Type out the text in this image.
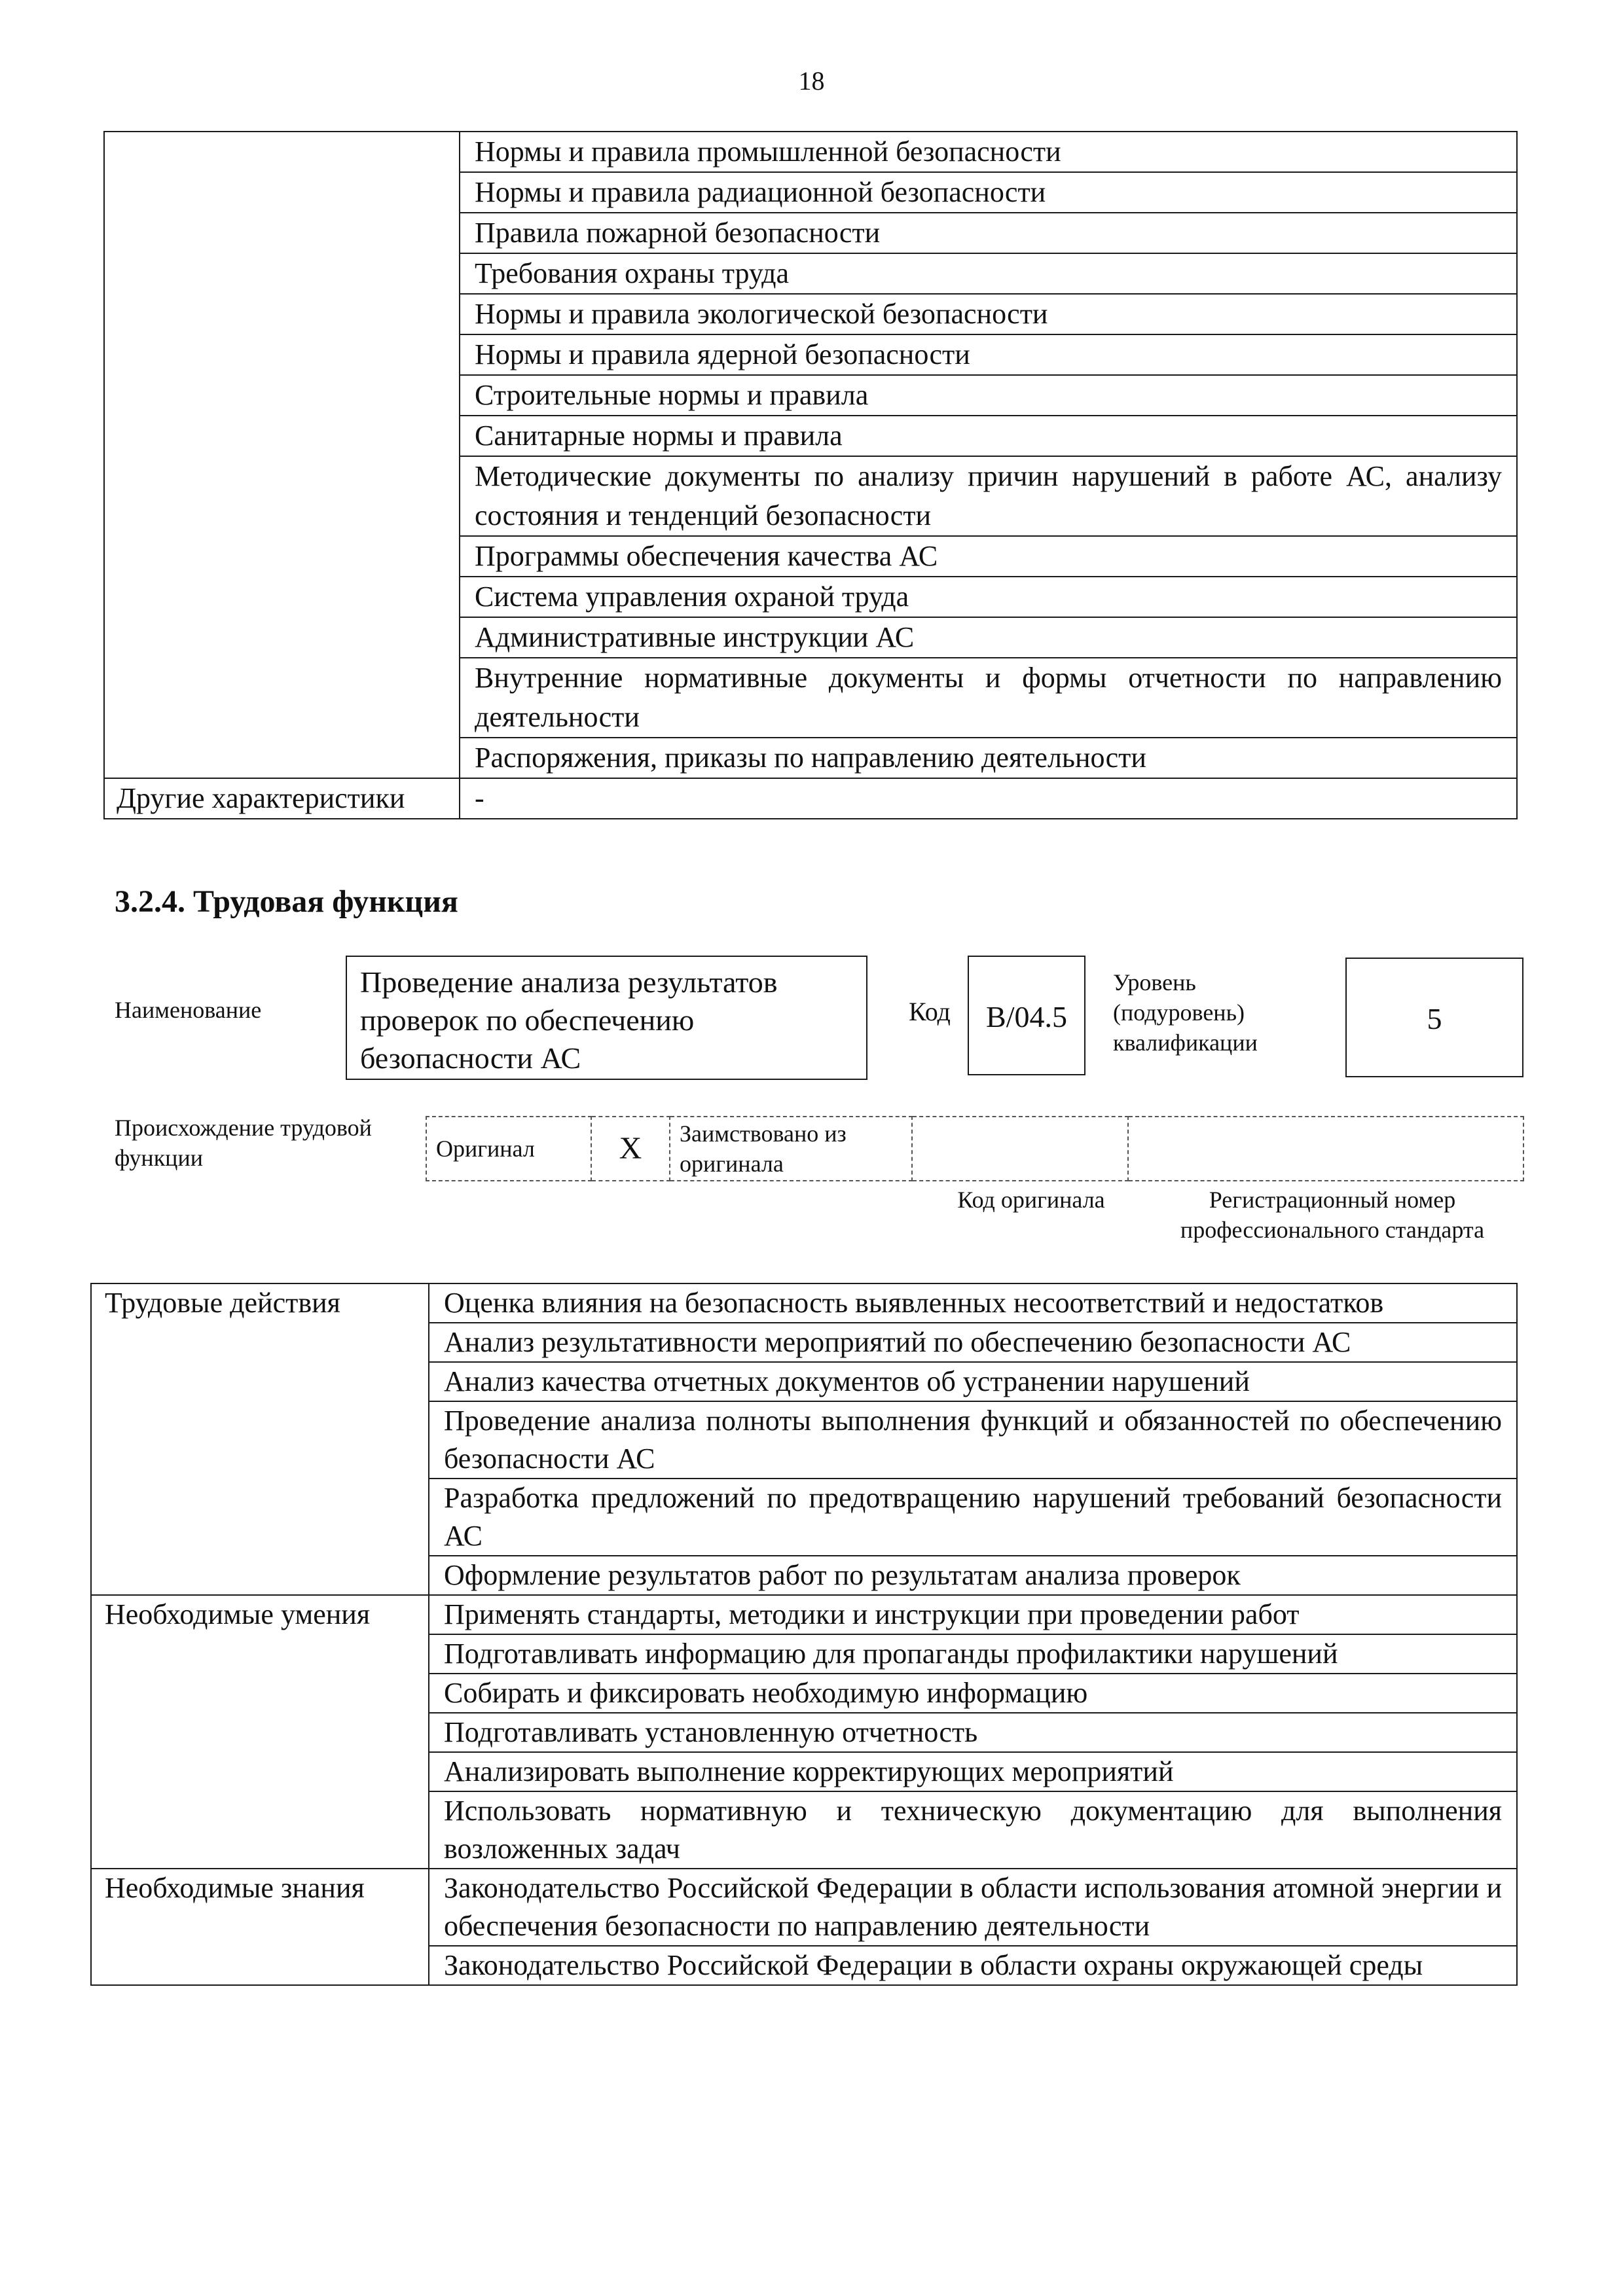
18
	Нормы и правила промышленной безопасности
	Нормы и правила радиационной безопасности
	Правила пожарной безопасности
	Требования охраны труда
	Нормы и правила экологической безопасности
	Нормы и правила ядерной безопасности
	Строительные нормы и правила
	Санитарные нормы и правила
	Методические документы по анализу причин нарушений в работе АС, анализу состояния и тенденций безопасности
	Программы обеспечения качества АС
	Система управления охраной труда
	Административные инструкции АС
	Внутренние нормативные документы и формы отчетности по направлению деятельности
	Распоряжения, приказы по направлению деятельности
Другие характеристики	-
3.2.4. Трудовая функция
Наименование
Проведение анализа результатов проверок по обеспечению безопасности АС
Код	B/04.5
Уровень (подуровень) квалификации
5
Происхождение трудовой функции	Оригинал	X	Заимствовано из оригинала		
Код оригинала	Регистрационный номер профессионального стандарта
Трудовые действия	Оценка влияния на безопасность выявленных несоответствий и недостатков
	Анализ результативности мероприятий по обеспечению безопасности АС
	Анализ качества отчетных документов об устранении нарушений
	Проведение анализа полноты выполнения функций и обязанностей по обеспечению безопасности АС
	Разработка предложений по предотвращению нарушений требований безопасности АС
	Оформление результатов работ по результатам анализа проверок
Необходимые умения	Применять стандарты, методики и инструкции при проведении работ
	Подготавливать информацию для пропаганды профилактики нарушений
	Собирать и фиксировать необходимую информацию
	Подготавливать установленную отчетность
	Анализировать выполнение корректирующих мероприятий
	Использовать нормативную и техническую документацию для выполнения возложенных задач
Необходимые знания	Законодательство Российской Федерации в области использования атомной энергии и обеспечения безопасности по направлению деятельности
	Законодательство Российской Федерации в области охраны окружающей среды
